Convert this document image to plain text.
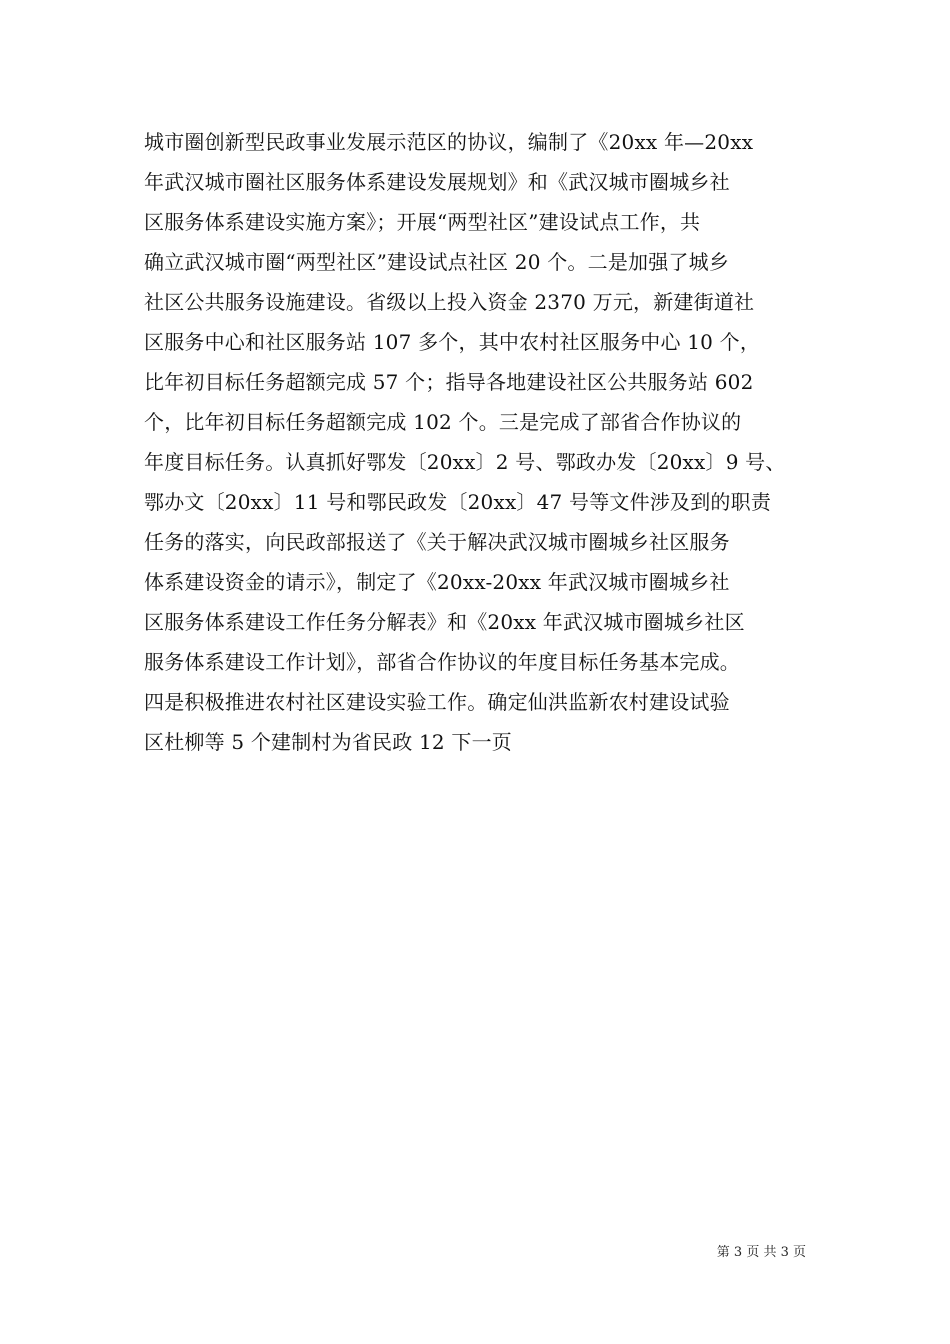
城市圈创新型民政事业发展示范区的协议，编制了《20xx 年—20xx
年武汉城市圈社区服务体系建设发展规划》和《武汉城市圈城乡社
区服务体系建设实施方案》；开展“两型社区”建设试点工作，共
确立武汉城市圈“两型社区”建设试点社区 20 个。二是加强了城乡
社区公共服务设施建设。省级以上投入资金 2370 万元，新建街道社
区服务中心和社区服务站 107 多个，其中农村社区服务中心 10 个，
比年初目标任务超额完成 57 个；指导各地建设社区公共服务站 602
个，比年初目标任务超额完成 102 个。三是完成了部省合作协议的
年度目标任务。认真抓好鄂发〔20xx〕2 号、鄂政办发〔20xx〕9 号、
鄂办文〔20xx〕11 号和鄂民政发〔20xx〕47 号等文件涉及到的职责
任务的落实，向民政部报送了《关于解决武汉城市圈城乡社区服务
体系建设资金的请示》，制定了《20xx-20xx 年武汉城市圈城乡社
区服务体系建设工作任务分解表》和《20xx 年武汉城市圈城乡社区
服务体系建设工作计划》，部省合作协议的年度目标任务基本完成。
四是积极推进农村社区建设实验工作。确定仙洪监新农村建设试验
区杜柳等 5 个建制村为省民政 12 下一页
第 3 页 共 3 页
